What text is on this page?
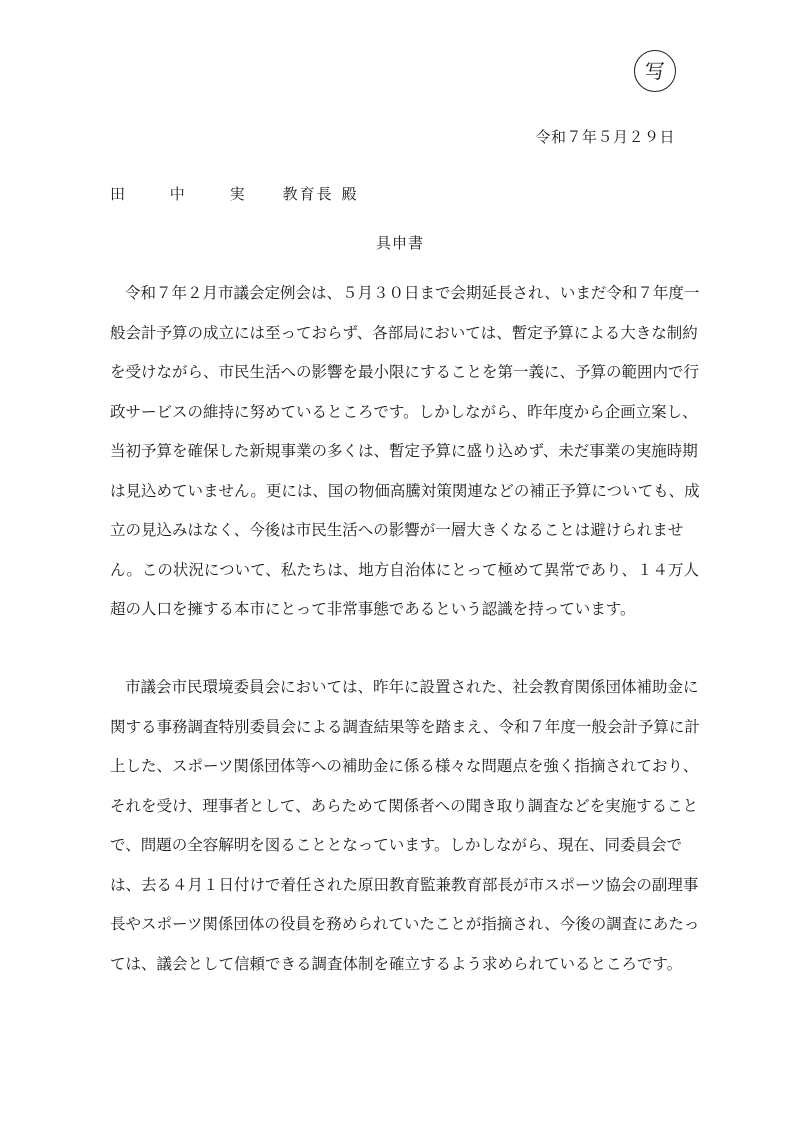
写
令和７年５月２９日
田 中 実 教育長 殿
具申書
令和７年２月市議会定例会は、５月３０日まで会期延長され、いまだ令和７年度一
般会計予算の成立には至っておらず、各部局においては、暫定予算による大きな制約
を受けながら、市民生活への影響を最小限にすることを第一義に、予算の範囲内で行
政サービスの維持に努めているところです。しかしながら、昨年度から企画立案し、
当初予算を確保した新規事業の多くは、暫定予算に盛り込めず、未だ事業の実施時期
は見込めていません。更には、国の物価高騰対策関連などの補正予算についても、成
立の見込みはなく、今後は市民生活への影響が一層大きくなることは避けられませ
ん。この状況について、私たちは、地方自治体にとって極めて異常であり、１４万人
超の人口を擁する本市にとって非常事態であるという認識を持っています。
市議会市民環境委員会においては、昨年に設置された、社会教育関係団体補助金に
関する事務調査特別委員会による調査結果等を踏まえ、令和７年度一般会計予算に計
上した、スポーツ関係団体等への補助金に係る様々な問題点を強く指摘されており、
それを受け、理事者として、あらためて関係者への聞き取り調査などを実施すること
で、問題の全容解明を図ることとなっています。しかしながら、現在、同委員会で
は、去る４月１日付けで着任された原田教育監兼教育部長が市スポーツ協会の副理事
長やスポーツ関係団体の役員を務められていたことが指摘され、今後の調査にあたっ
ては、議会として信頼できる調査体制を確立するよう求められているところです。
